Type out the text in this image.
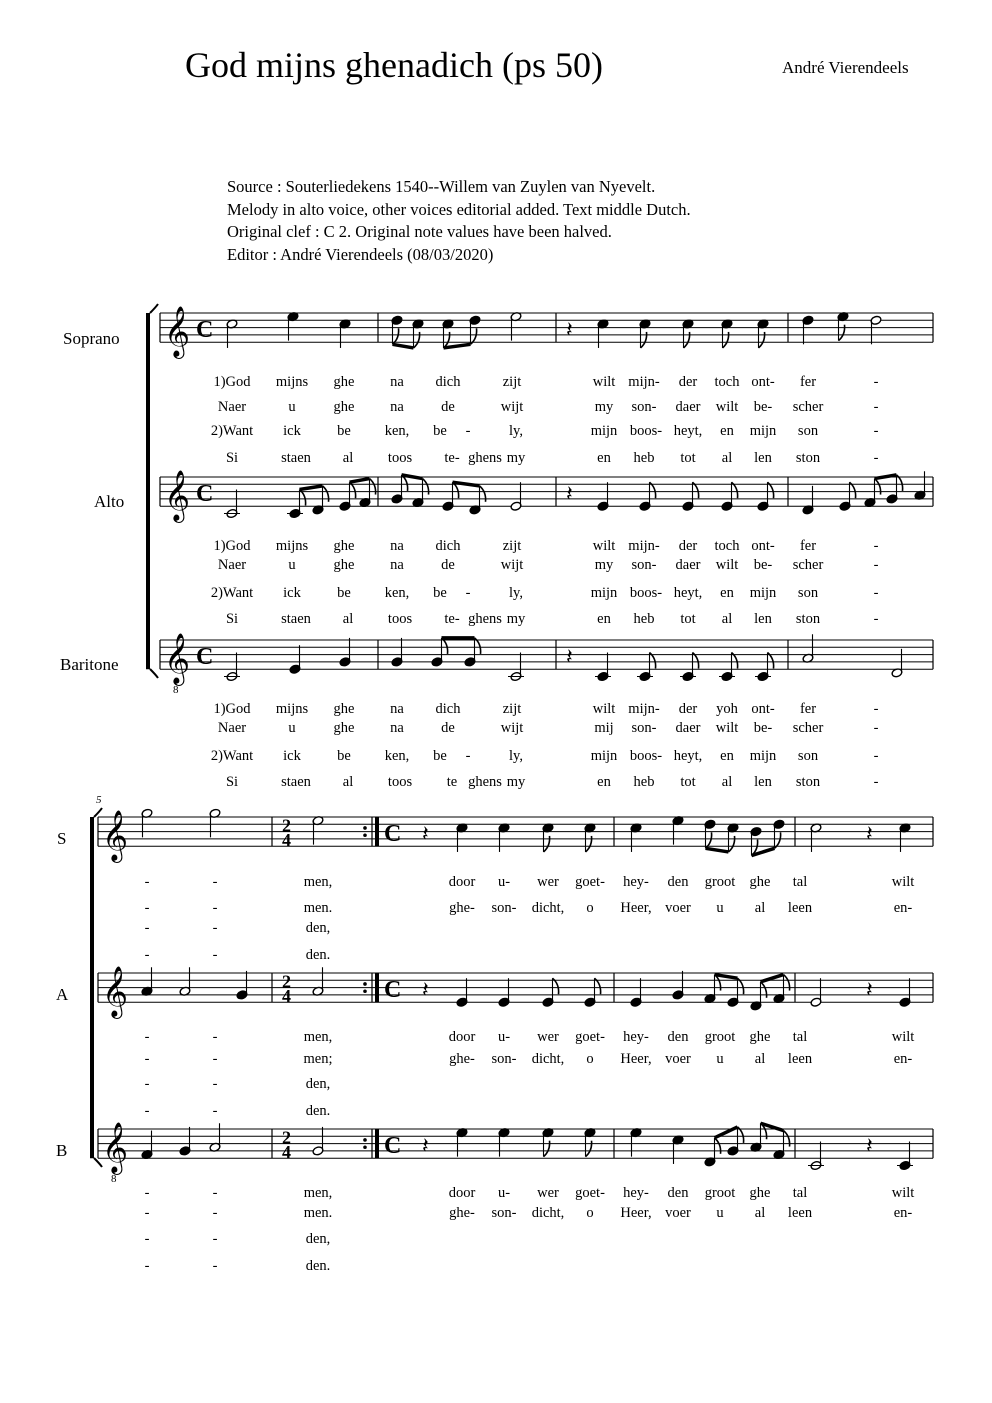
God mijns ghenadich (ps 50)	André Vierendeels
Source : Souterliedekens 1540--Willem van Zuylen van Nyevelt.
Melody in alto voice, other voices editorial added. Text middle Dutch.
Original clef : C 2. Original note values have been halved.
Editor : André Vierendeels (08/03/2020)
Soprano
Alto
Baritone
S
A
B
5
𝄞 C
𝄞 C
𝄞
8
C
𝄽
𝄽
𝄽
𝄞	2
4	C
𝄞	2
4	C
𝄞
8
2
4	C
𝄽	𝄽
𝄽	𝄽
𝄽	𝄽
1)God mijns ghe na dich	zijt	wilt mijn- der toch ont- fer	-
Naer	u	ghe na	de	wijt	my son- daer wilt be- scher	-
2)Want ick	be ken, be -	ly,	mijn boos- heyt, en mijn son	-
Si	staen al toos te- ghens my	en heb tot al len ston	-
1)God mijns ghe na dich	zijt	wilt mijn- der toch ont- fer	-
Naer	u	ghe na	de	wijt	my son- daer wilt be- scher	-
2)Want ick	be ken, be -	ly,	mijn boos- heyt, en mijn son	-
Si	staen al toos te- ghens my	en heb tot al len ston	-
1)God mijns ghe na dich	zijt	wilt mijn- der yoh ont- fer	-
Naer	u	ghe na	de	wijt	mij son- daer wilt be- scher	-
2)Want ick	be ken, be -	ly,	mijn boos- heyt, en mijn son	-
Si	staen al toos te ghens my	en heb tot al len ston	-
-	-	men,	door u- wer goet- hey- den groot ghe tal	wilt
-	-	men.	ghe- son- dicht, o Heer, voer u al leen	en-
-	-	den,
-	-	den.
-	-	men,	door u- wer goet- hey- den groot ghe tal	wilt
-	-	men;	ghe- son- dicht, o Heer, voer u al leen	en-
-	-	den,
-	-	den.
-	-	men,	door u- wer goet- hey- den groot ghe tal	wilt
-	-	men.	ghe- son- dicht, o Heer, voer u al leen	en-
-	-	den,
-	-	den.
